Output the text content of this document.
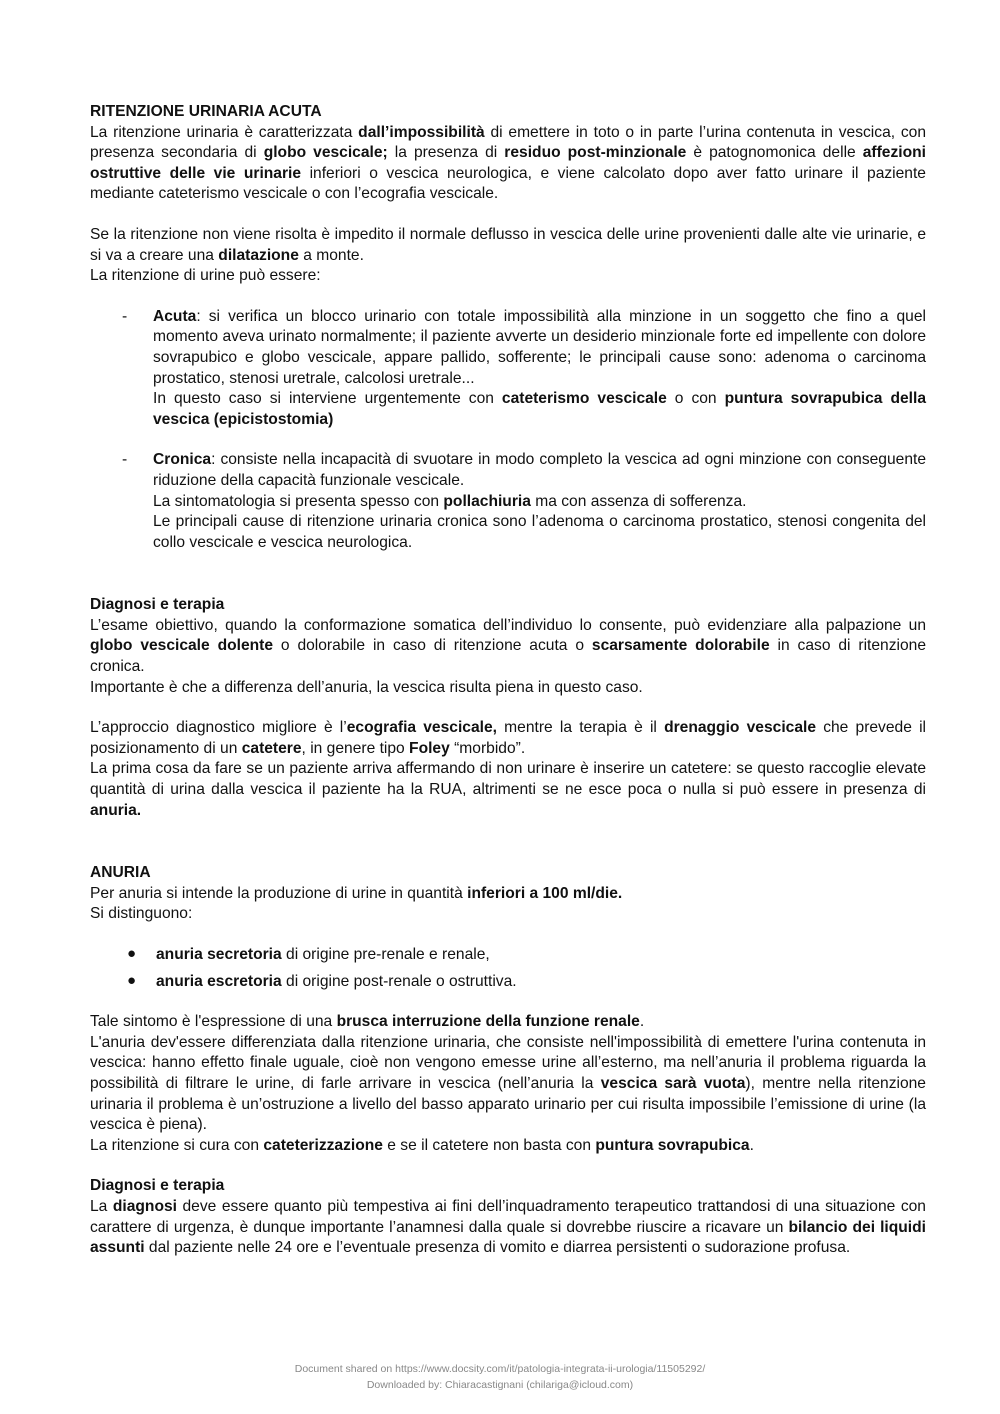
RITENZIONE URINARIA ACUTA

La ritenzione urinaria è caratterizzata dall’impossibilità di emettere in toto o in parte l’urina contenuta in vescica, con presenza secondaria di globo vescicale; la presenza di residuo post-minzionale è patognomonica delle affezioni ostruttive delle vie urinarie inferiori o vescica neurologica, e viene calcolato dopo aver fatto urinare il paziente mediante cateterismo vescicale o con l’ecografia vescicale.

Se la ritenzione non viene risolta è impedito il normale deflusso in vescica delle urine provenienti dalle alte vie urinarie, e si va a creare una dilatazione a monte.

La ritenzione di urine può essere:

- Acuta: si verifica un blocco urinario con totale impossibilità alla minzione in un soggetto che fino a quel momento aveva urinato normalmente; il paziente avverte un desiderio minzionale forte ed impellente con dolore sovrapubico e globo vescicale, appare pallido, sofferente; le principali cause sono: adenoma o carcinoma prostatico, stenosi uretrale, calcolosi uretrale...

In questo caso si interviene urgentemente con cateterismo vescicale o con puntura sovrapubica della vescica (epicistostomia)

- Cronica: consiste nella incapacità di svuotare in modo completo la vescica ad ogni minzione con conseguente riduzione della capacità funzionale vescicale.

La sintomatologia si presenta spesso con pollachiuria ma con assenza di sofferenza.

Le principali cause di ritenzione urinaria cronica sono l’adenoma o carcinoma prostatico, stenosi congenita del collo vescicale e vescica neurologica.

Diagnosi e terapia

L’esame obiettivo, quando la conformazione somatica dell’individuo lo consente, può evidenziare alla palpazione un globo vescicale dolente o dolorabile in caso di ritenzione acuta o scarsamente dolorabile in caso di ritenzione cronica.

Importante è che a differenza dell’anuria, la vescica risulta piena in questo caso.

L’approccio diagnostico migliore è l’ecografia vescicale, mentre la terapia è il drenaggio vescicale che prevede il posizionamento di un catetere, in genere tipo Foley “morbido”.

La prima cosa da fare se un paziente arriva affermando di non urinare è inserire un catetere: se questo raccoglie elevate quantità di urina dalla vescica il paziente ha la RUA, altrimenti se ne esce poca o nulla si può essere in presenza di anuria.

ANURIA

Per anuria si intende la produzione di urine in quantità inferiori a 100 ml/die.

Si distinguono:

● anuria secretoria di origine pre-renale e renale,

● anuria escretoria di origine post-renale o ostruttiva.

Tale sintomo è l'espressione di una brusca interruzione della funzione renale.

L'anuria dev'essere differenziata dalla ritenzione urinaria, che consiste nell'impossibilità di emettere l'urina contenuta in vescica: hanno effetto finale uguale, cioè non vengono emesse urine all’esterno, ma nell’anuria il problema riguarda la possibilità di filtrare le urine, di farle arrivare in vescica (nell’anuria la vescica sarà vuota), mentre nella ritenzione urinaria il problema è un’ostruzione a livello del basso apparato urinario per cui risulta impossibile l’emissione di urine (la vescica è piena).

La ritenzione si cura con cateterizzazione e se il catetere non basta con puntura sovrapubica.

Diagnosi e terapia

La diagnosi deve essere quanto più tempestiva ai fini dell’inquadramento terapeutico trattandosi di una situazione con carattere di urgenza, è dunque importante l’anamnesi dalla quale si dovrebbe riuscire a ricavare un bilancio dei liquidi assunti dal paziente nelle 24 ore e l’eventuale presenza di vomito e diarrea persistenti o sudorazione profusa.

Document shared on https://www.docsity.com/it/patologia-integrata-ii-urologia/11505292/
Downloaded by: Chiaracastignani (chilariga@icloud.com)
